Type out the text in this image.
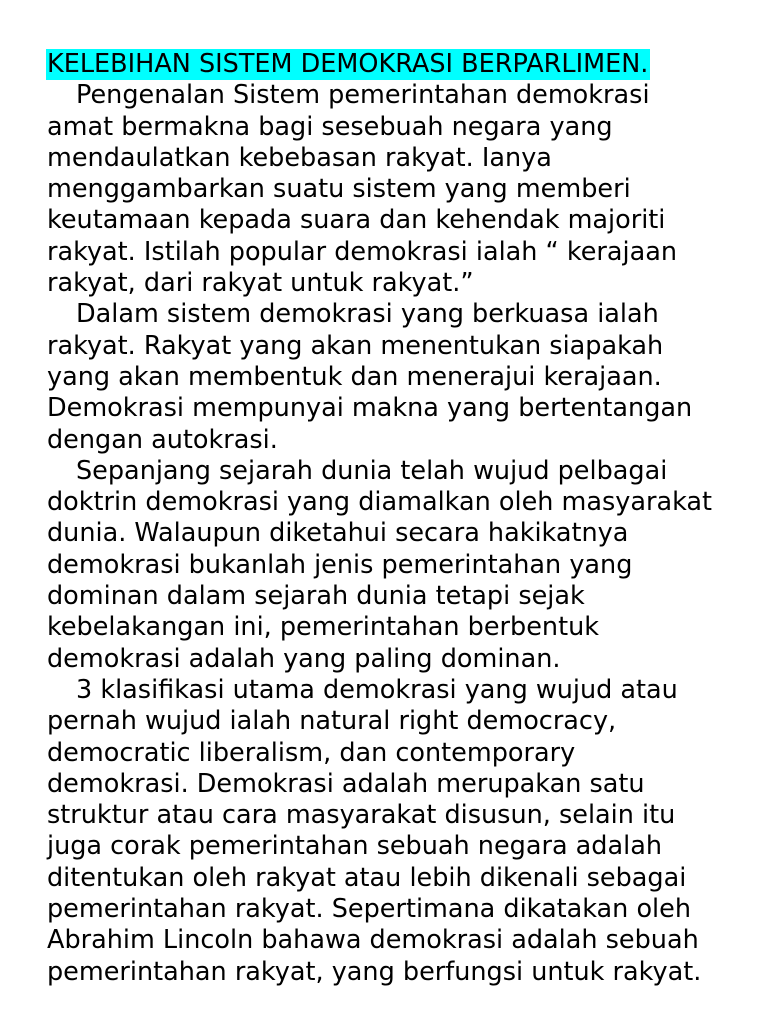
KELEBIHAN SISTEM DEMOKRASI BERPARLIMEN.
Pengenalan Sistem pemerintahan demokrasi
amat bermakna bagi sesebuah negara yang
mendaulatkan kebebasan rakyat. Ianya
menggambarkan suatu sistem yang memberi
keutamaan kepada suara dan kehendak majoriti
rakyat. Istilah popular demokrasi ialah “ kerajaan
rakyat, dari rakyat untuk rakyat.”
Dalam sistem demokrasi yang berkuasa ialah
rakyat. Rakyat yang akan menentukan siapakah
yang akan membentuk dan menerajui kerajaan.
Demokrasi mempunyai makna yang bertentangan
dengan autokrasi.
Sepanjang sejarah dunia telah wujud pelbagai
doktrin demokrasi yang diamalkan oleh masyarakat
dunia. Walaupun diketahui secara hakikatnya
demokrasi bukanlah jenis pemerintahan yang
dominan dalam sejarah dunia tetapi sejak
kebelakangan ini, pemerintahan berbentuk
demokrasi adalah yang paling dominan.
3 klasifikasi utama demokrasi yang wujud atau
pernah wujud ialah natural right democracy,
democratic liberalism, dan contemporary
demokrasi. Demokrasi adalah merupakan satu
struktur atau cara masyarakat disusun, selain itu
juga corak pemerintahan sebuah negara adalah
ditentukan oleh rakyat atau lebih dikenali sebagai
pemerintahan rakyat. Sepertimana dikatakan oleh
Abrahim Lincoln bahawa demokrasi adalah sebuah
pemerintahan rakyat, yang berfungsi untuk rakyat.
